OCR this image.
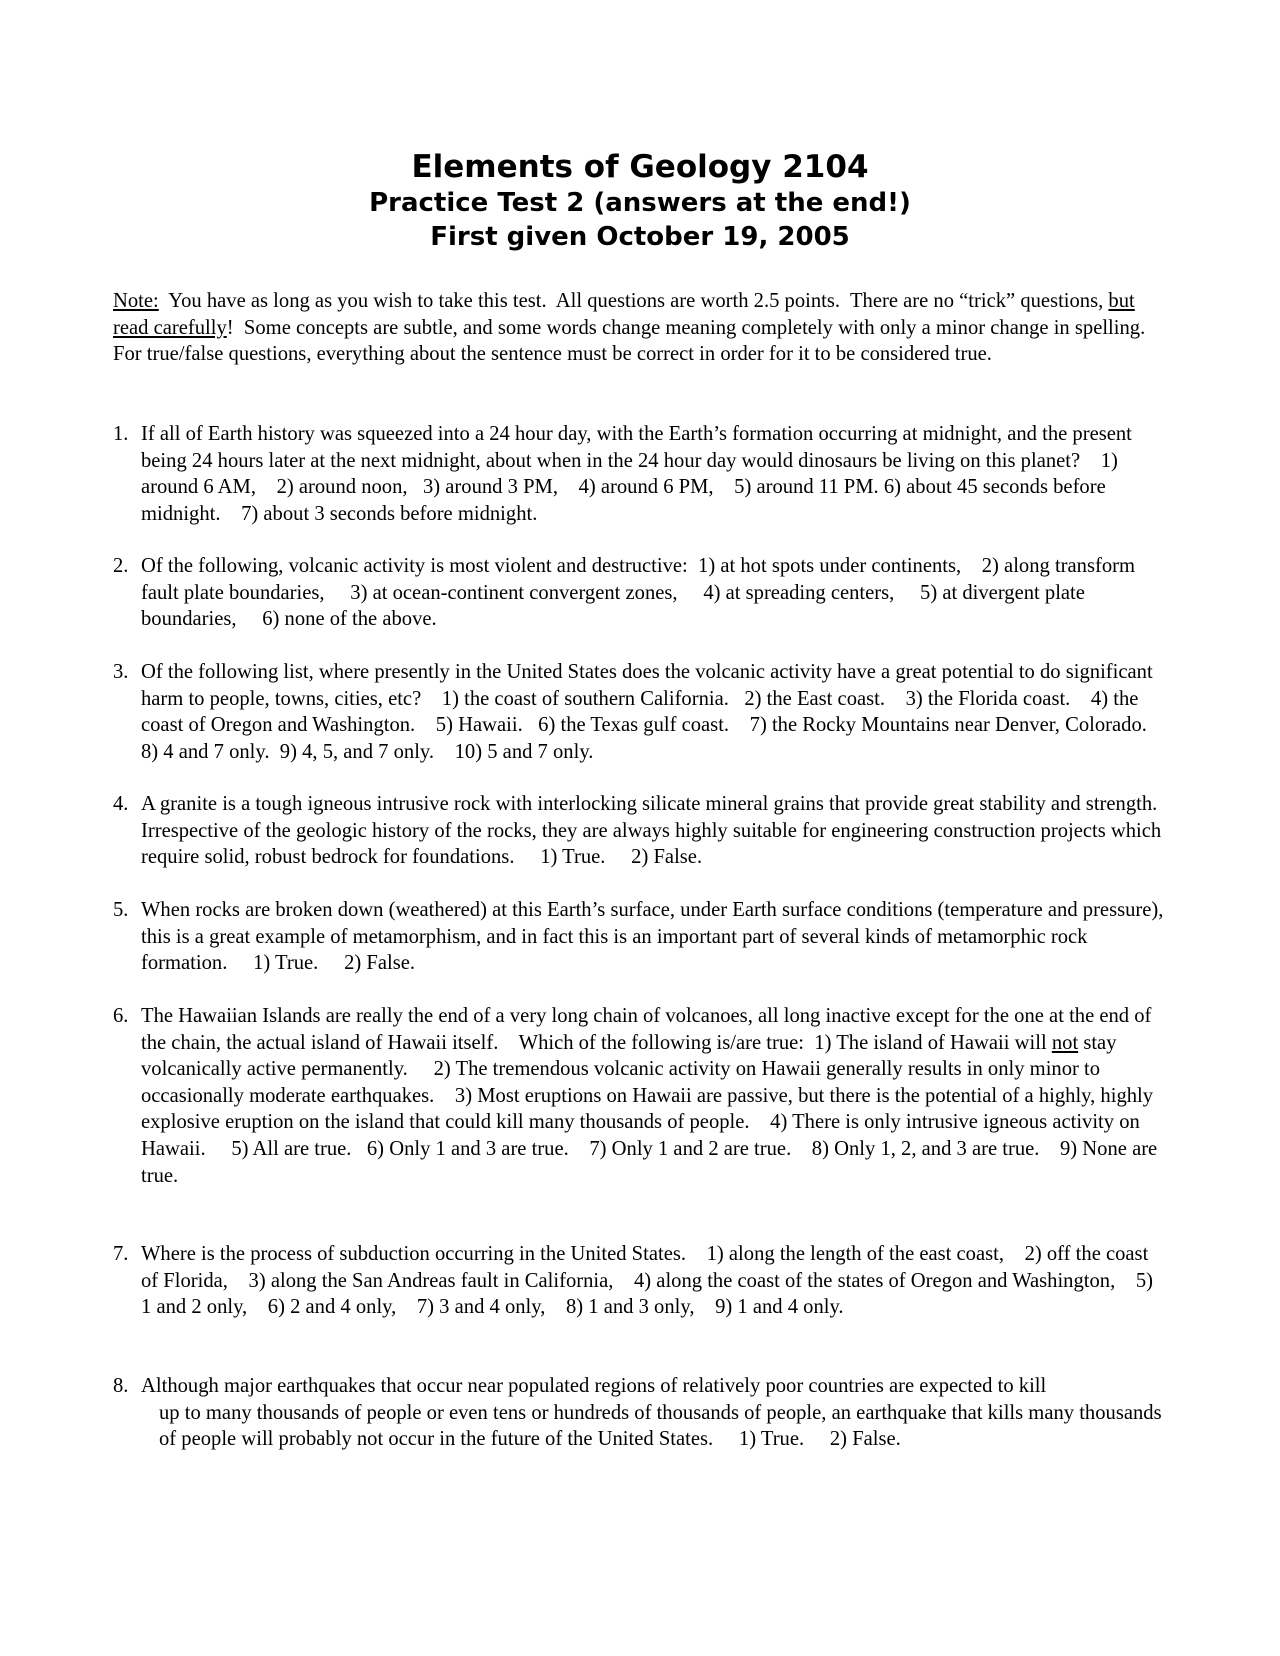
Elements of Geology 2104
Practice Test 2 (answers at the end!)
First given October 19, 2005
Note:  You have as long as you wish to take this test.  All questions are worth 2.5 points.  There are no “trick” questions, but read carefully!  Some concepts are subtle, and some words change meaning completely with only a minor change in spelling.  For true/false questions, everything about the sentence must be correct in order for it to be considered true.
1. If all of Earth history was squeezed into a 24 hour day, with the Earth’s formation occurring at midnight, and the present being 24 hours later at the next midnight, about when in the 24 hour day would dinosaurs be living on this planet?    1) around 6 AM,    2) around noon,   3) around 3 PM,    4) around 6 PM,    5) around 11 PM. 6) about 45 seconds before midnight.    7) about 3 seconds before midnight.
2. Of the following, volcanic activity is most violent and destructive:  1) at hot spots under continents,    2) along transform fault plate boundaries,     3) at ocean-continent convergent zones,     4) at spreading centers,     5) at divergent plate boundaries,     6) none of the above.
3. Of the following list, where presently in the United States does the volcanic activity have a great potential to do significant harm to people, towns, cities, etc?    1) the coast of southern California.   2) the East coast.    3) the Florida coast.    4) the coast of Oregon and Washington.    5) Hawaii.   6) the Texas gulf coast.    7) the Rocky Mountains near Denver, Colorado.    8) 4 and 7 only.  9) 4, 5, and 7 only.    10) 5 and 7 only.
4. A granite is a tough igneous intrusive rock with interlocking silicate mineral grains that provide great stability and strength.  Irrespective of the geologic history of the rocks, they are always highly suitable for engineering construction projects which require solid, robust bedrock for foundations.     1) True.     2) False.
5. When rocks are broken down (weathered) at this Earth’s surface, under Earth surface conditions (temperature and pressure), this is a great example of metamorphism, and in fact this is an important part of several kinds of metamorphic rock formation.     1) True.     2) False.
6. The Hawaiian Islands are really the end of a very long chain of volcanoes, all long inactive except for the one at the end of the chain, the actual island of Hawaii itself.    Which of the following is/are true:  1) The island of Hawaii will not stay volcanically active permanently.     2) The tremendous volcanic activity on Hawaii generally results in only minor to occasionally moderate earthquakes.    3) Most eruptions on Hawaii are passive, but there is the potential of a highly, highly explosive eruption on the island that could kill many thousands of people.    4) There is only intrusive igneous activity on Hawaii.     5) All are true.   6) Only 1 and 3 are true.    7) Only 1 and 2 are true.    8) Only 1, 2, and 3 are true.    9) None are true.
7. Where is the process of subduction occurring in the United States.    1) along the length of the east coast,    2) off the coast of Florida,    3) along the San Andreas fault in California,    4) along the coast of the states of Oregon and Washington,    5) 1 and 2 only,    6) 2 and 4 only,    7) 3 and 4 only,    8) 1 and 3 only,    9) 1 and 4 only.
8. Although major earthquakes that occur near populated regions of relatively poor countries are expected to kill
up to many thousands of people or even tens or hundreds of thousands of people, an earthquake that kills many thousands of people will probably not occur in the future of the United States.     1) True.     2) False.
